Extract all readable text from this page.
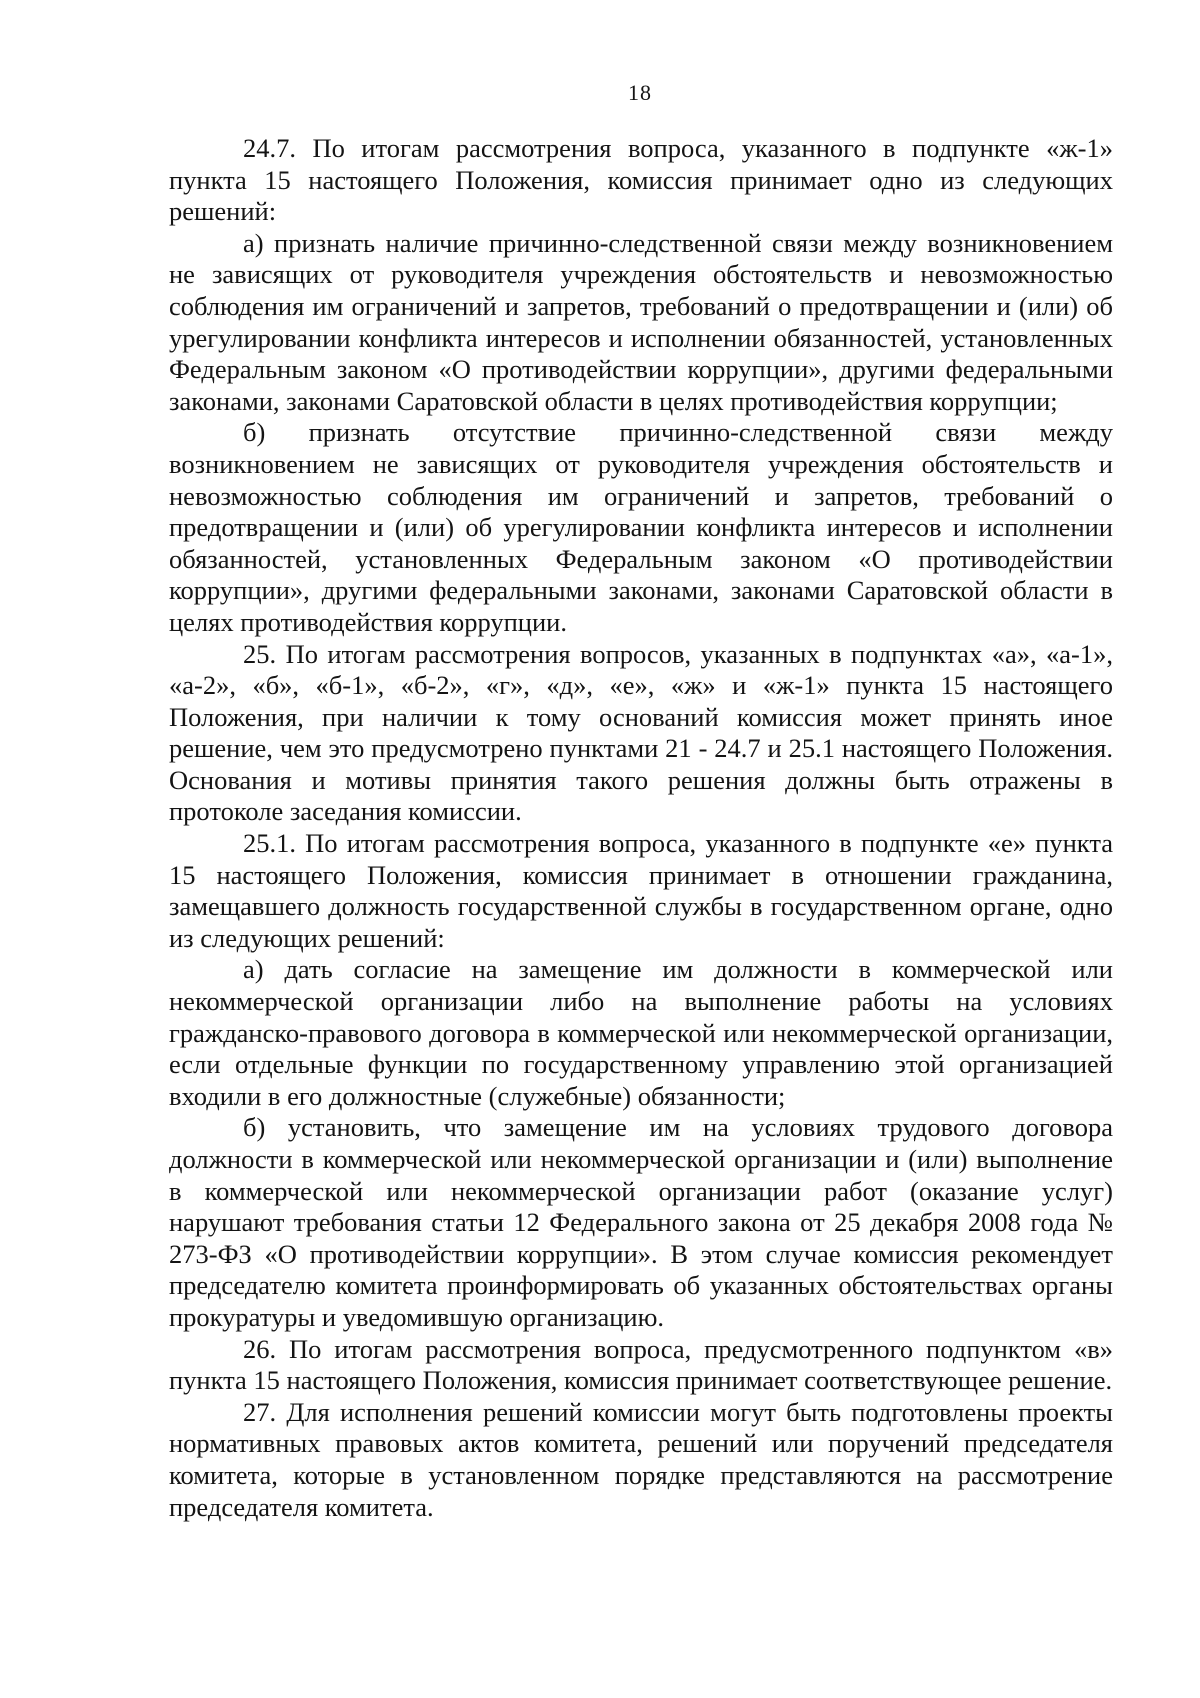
18

24.7. По итогам рассмотрения вопроса, указанного в подпункте «ж-1» пункта 15 настоящего Положения, комиссия принимает одно из следующих решений:

а) признать наличие причинно-следственной связи между возникновением не зависящих от руководителя учреждения обстоятельств и невозможностью соблюдения им ограничений и запретов, требований о предотвращении и (или) об урегулировании конфликта интересов и исполнении обязанностей, установленных Федеральным законом «О противодействии коррупции», другими федеральными законами, законами Саратовской области в целях противодействия коррупции;

б) признать отсутствие причинно-следственной связи между возникновением не зависящих от руководителя учреждения обстоятельств и невозможностью соблюдения им ограничений и запретов, требований о предотвращении и (или) об урегулировании конфликта интересов и исполнении обязанностей, установленных Федеральным законом «О противодействии коррупции», другими федеральными законами, законами Саратовской области в целях противодействия коррупции.

25. По итогам рассмотрения вопросов, указанных в подпунктах «а», «а-1», «а-2», «б», «б-1», «б-2», «г», «д», «е», «ж» и «ж-1» пункта 15 настоящего Положения, при наличии к тому оснований комиссия может принять иное решение, чем это предусмотрено пунктами 21 - 24.7 и 25.1 настоящего Положения. Основания и мотивы принятия такого решения должны быть отражены в протоколе заседания комиссии.

25.1. По итогам рассмотрения вопроса, указанного в подпункте «е» пункта 15 настоящего Положения, комиссия принимает в отношении гражданина, замещавшего должность государственной службы в государственном органе, одно из следующих решений:

а) дать согласие на замещение им должности в коммерческой или некоммерческой организации либо на выполнение работы на условиях гражданско-правового договора в коммерческой или некоммерческой организации, если отдельные функции по государственному управлению этой организацией входили в его должностные (служебные) обязанности;

б) установить, что замещение им на условиях трудового договора должности в коммерческой или некоммерческой организации и (или) выполнение в коммерческой или некоммерческой организации работ (оказание услуг) нарушают требования статьи 12 Федерального закона от 25 декабря 2008 года № 273-ФЗ «О противодействии коррупции». В этом случае комиссия рекомендует председателю комитета проинформировать об указанных обстоятельствах органы прокуратуры и уведомившую организацию.

26. По итогам рассмотрения вопроса, предусмотренного подпунктом «в» пункта 15 настоящего Положения, комиссия принимает соответствующее решение.

27. Для исполнения решений комиссии могут быть подготовлены проекты нормативных правовых актов комитета, решений или поручений председателя комитета, которые в установленном порядке представляются на рассмотрение председателя комитета.
